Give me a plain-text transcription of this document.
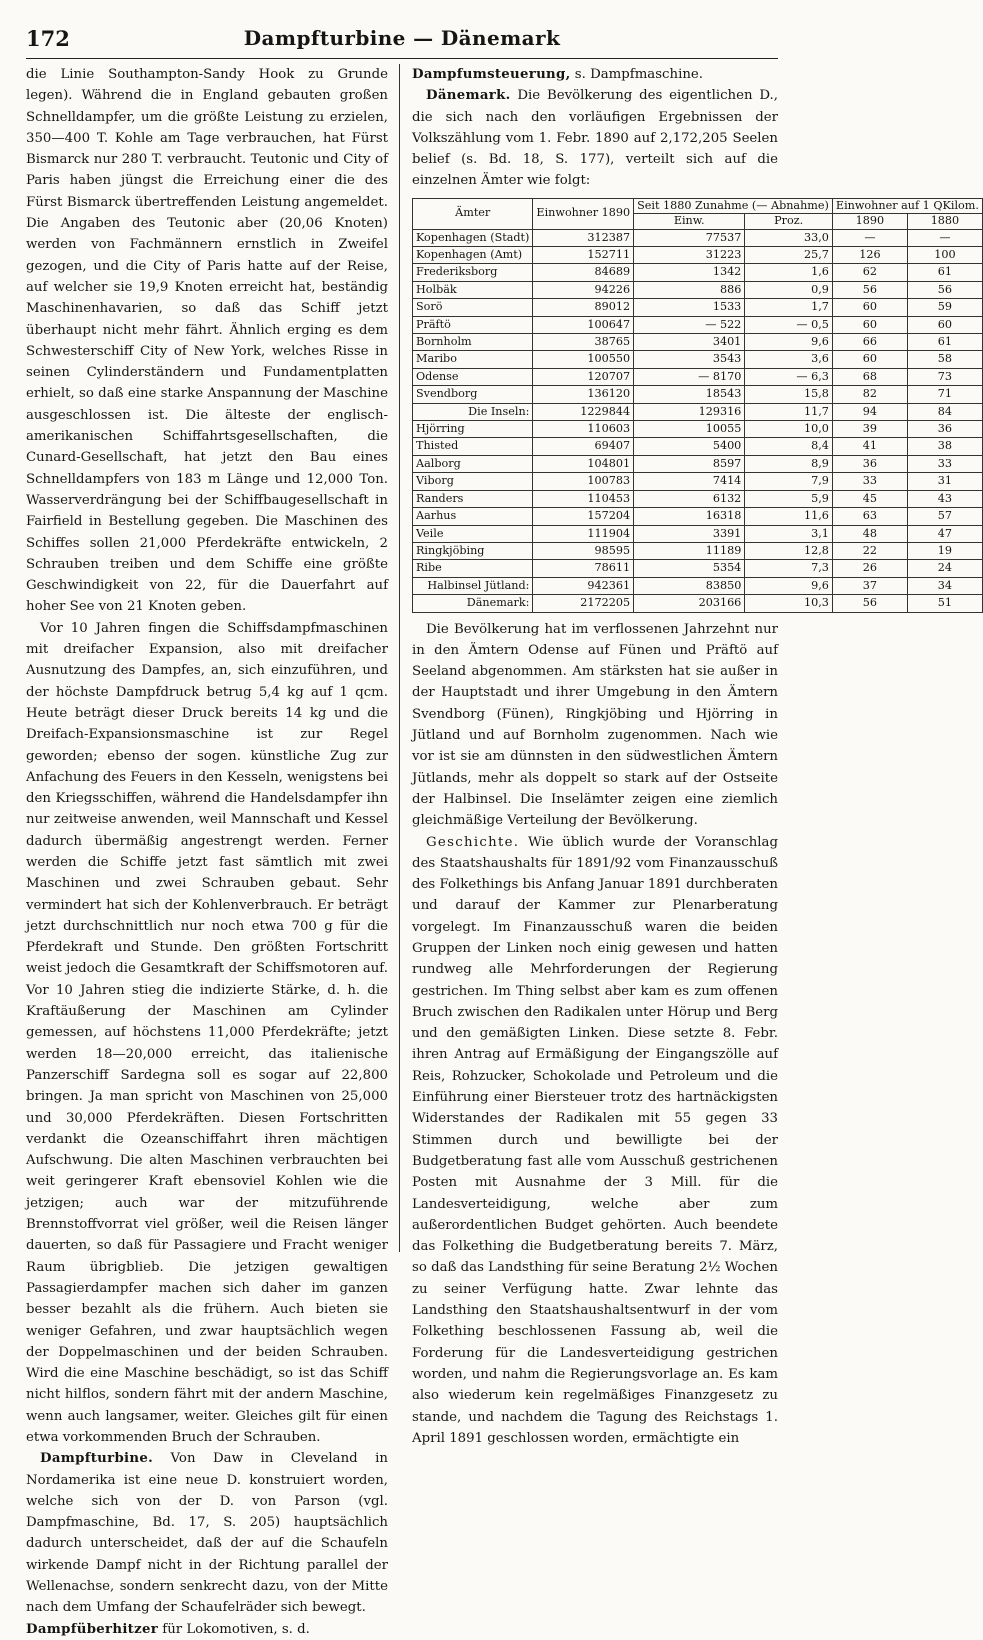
172	Dampfturbine — Dänemark

die Linie Southampton-Sandy Hook zu Grunde legen). Während die in England gebauten großen Schnelldampfer, um die größte Leistung zu erzielen, 350—400 T. Kohle am Tage verbrauchen, hat Fürst Bismarck nur 280 T. verbraucht. Teutonic und City of Paris haben jüngst die Erreichung einer die des Fürst Bismarck übertreffenden Leistung angemeldet. Die Angaben des Teutonic aber (20,06 Knoten) werden von Fachmännern ernstlich in Zweifel gezogen, und die City of Paris hatte auf der Reise, auf welcher sie 19,9 Knoten erreicht hat, beständig Maschinenhavarien, so daß das Schiff jetzt überhaupt nicht mehr fährt. Ähnlich erging es dem Schwesterschiff City of New York, welches Risse in seinen Cylinderständern und Fundamentplatten erhielt, so daß eine starke Anspannung der Maschine ausgeschlossen ist. Die älteste der englisch-amerikanischen Schiffahrtsgesellschaften, die Cunard-Gesellschaft, hat jetzt den Bau eines Schnelldampfers von 183 m Länge und 12,000 Ton. Wasserverdrängung bei der Schiffbaugesellschaft in Fairfield in Bestellung gegeben. Die Maschinen des Schiffes sollen 21,000 Pferdekräfte entwickeln, 2 Schrauben treiben und dem Schiffe eine größte Geschwindigkeit von 22, für die Dauerfahrt auf hoher See von 21 Knoten geben.

Vor 10 Jahren fingen die Schiffsdampfmaschinen mit dreifacher Expansion, also mit dreifacher Ausnutzung des Dampfes, an, sich einzuführen, und der höchste Dampfdruck betrug 5,4 kg auf 1 qcm. Heute beträgt dieser Druck bereits 14 kg und die Dreifach-Expansionsmaschine ist zur Regel geworden; ebenso der sogen. künstliche Zug zur Anfachung des Feuers in den Kesseln, wenigstens bei den Kriegsschiffen, während die Handelsdampfer ihn nur zeitweise anwenden, weil Mannschaft und Kessel dadurch übermäßig angestrengt werden. Ferner werden die Schiffe jetzt fast sämtlich mit zwei Maschinen und zwei Schrauben gebaut. Sehr vermindert hat sich der Kohlenverbrauch. Er beträgt jetzt durchschnittlich nur noch etwa 700 g für die Pferdekraft und Stunde. Den größten Fortschritt weist jedoch die Gesamtkraft der Schiffsmotoren auf. Vor 10 Jahren stieg die indizierte Stärke, d. h. die Kraftäußerung der Maschinen am Cylinder gemessen, auf höchstens 11,000 Pferdekräfte; jetzt werden 18—20,000 erreicht, das italienische Panzerschiff Sardegna soll es sogar auf 22,800 bringen. Ja man spricht von Maschinen von 25,000 und 30,000 Pferdekräften. Diesen Fortschritten verdankt die Ozeanschiffahrt ihren mächtigen Aufschwung. Die alten Maschinen verbrauchten bei weit geringerer Kraft ebensoviel Kohlen wie die jetzigen; auch war der mitzuführende Brennstoffvorrat viel größer, weil die Reisen länger dauerten, so daß für Passagiere und Fracht weniger Raum übrigblieb. Die jetzigen gewaltigen Passagierdampfer machen sich daher im ganzen besser bezahlt als die frühern. Auch bieten sie weniger Gefahren, und zwar hauptsächlich wegen der Doppelmaschinen und der beiden Schrauben. Wird die eine Maschine beschädigt, so ist das Schiff nicht hilflos, sondern fährt mit der andern Maschine, wenn auch langsamer, weiter. Gleiches gilt für einen etwa vorkommenden Bruch der Schrauben.

Dampfturbine. Von Daw in Cleveland in Nordamerika ist eine neue D. konstruiert worden, welche sich von der D. von Parson (vgl. Dampfmaschine, Bd. 17, S. 205) hauptsächlich dadurch unterscheidet, daß der auf die Schaufeln wirkende Dampf nicht in der Richtung parallel der Wellenachse, sondern senkrecht dazu, von der Mitte nach dem Umfang der Schaufelräder sich bewegt.

Dampfüberhitzer für Lokomotiven, s. d.

Dampfumsteuerung, s. Dampfmaschine.

Dänemark. Die Bevölkerung des eigentlichen D., die sich nach den vorläufigen Ergebnissen der Volkszählung vom 1. Febr. 1890 auf 2,172,205 Seelen belief (s. Bd. 18, S. 177), verteilt sich auf die einzelnen Ämter wie folgt:

Ämter	Einwohner 1890	Seit 1880 Zunahme (— Abnahme)		Einwohner auf 1 QKilom.	
		Einw.	Proz.	1890	1880
Kopenhagen (Stadt)	312387	77537	33,0	—	—
Kopenhagen (Amt)	152711	31223	25,7	126	100
Frederiksborg	84689	1342	1,6	62	61
Holbäk	94226	886	0,9	56	56
Sorö	89012	1533	1,7	60	59
Präftö	100647	— 522	— 0,5	60	60
Bornholm	38765	3401	9,6	66	61
Maribo	100550	3543	3,6	60	58
Odense	120707	— 8170	— 6,3	68	73
Svendborg	136120	18543	15,8	82	71
Die Inseln:	1229844	129316	11,7	94	84
Hjörring	110603	10055	10,0	39	36
Thisted	69407	5400	8,4	41	38
Aalborg	104801	8597	8,9	36	33
Viborg	100783	7414	7,9	33	31
Randers	110453	6132	5,9	45	43
Aarhus	157204	16318	11,6	63	57
Veile	111904	3391	3,1	48	47
Ringkjöbing	98595	11189	12,8	22	19
Ribe	78611	5354	7,3	26	24
Halbinsel Jütland:	942361	83850	9,6	37	34
Dänemark:	2172205	203166	10,3	56	51

Die Bevölkerung hat im verflossenen Jahrzehnt nur in den Ämtern Odense auf Fünen und Präftö auf Seeland abgenommen. Am stärksten hat sie außer in der Hauptstadt und ihrer Umgebung in den Ämtern Svendborg (Fünen), Ringkjöbing und Hjörring in Jütland und auf Bornholm zugenommen. Nach wie vor ist sie am dünnsten in den südwestlichen Ämtern Jütlands, mehr als doppelt so stark auf der Ostseite der Halbinsel. Die Inselämter zeigen eine ziemlich gleichmäßige Verteilung der Bevölkerung.

Geschichte. Wie üblich wurde der Voranschlag des Staatshaushalts für 1891/92 vom Finanzausschuß des Folkethings bis Anfang Januar 1891 durchberaten und darauf der Kammer zur Plenarberatung vorgelegt. Im Finanzausschuß waren die beiden Gruppen der Linken noch einig gewesen und hatten rundweg alle Mehrforderungen der Regierung gestrichen. Im Thing selbst aber kam es zum offenen Bruch zwischen den Radikalen unter Hörup und Berg und den gemäßigten Linken. Diese setzte 8. Febr. ihren Antrag auf Ermäßigung der Eingangszölle auf Reis, Rohzucker, Schokolade und Petroleum und die Einführung einer Biersteuer trotz des hartnäckigsten Widerstandes der Radikalen mit 55 gegen 33 Stimmen durch und bewilligte bei der Budgetberatung fast alle vom Ausschuß gestrichenen Posten mit Ausnahme der 3 Mill. für die Landesverteidigung, welche aber zum außerordentlichen Budget gehörten. Auch beendete das Folkething die Budgetberatung bereits 7. März, so daß das Landsthing für seine Beratung 2½ Wochen zu seiner Verfügung hatte. Zwar lehnte das Landsthing den Staatshaushaltsentwurf in der vom Folkething beschlossenen Fassung ab, weil die Forderung für die Landesverteidigung gestrichen worden, und nahm die Regierungsvorlage an. Es kam also wiederum kein regelmäßiges Finanzgesetz zu stande, und nachdem die Tagung des Reichstags 1. April 1891 geschlossen worden, ermächtigte ein
